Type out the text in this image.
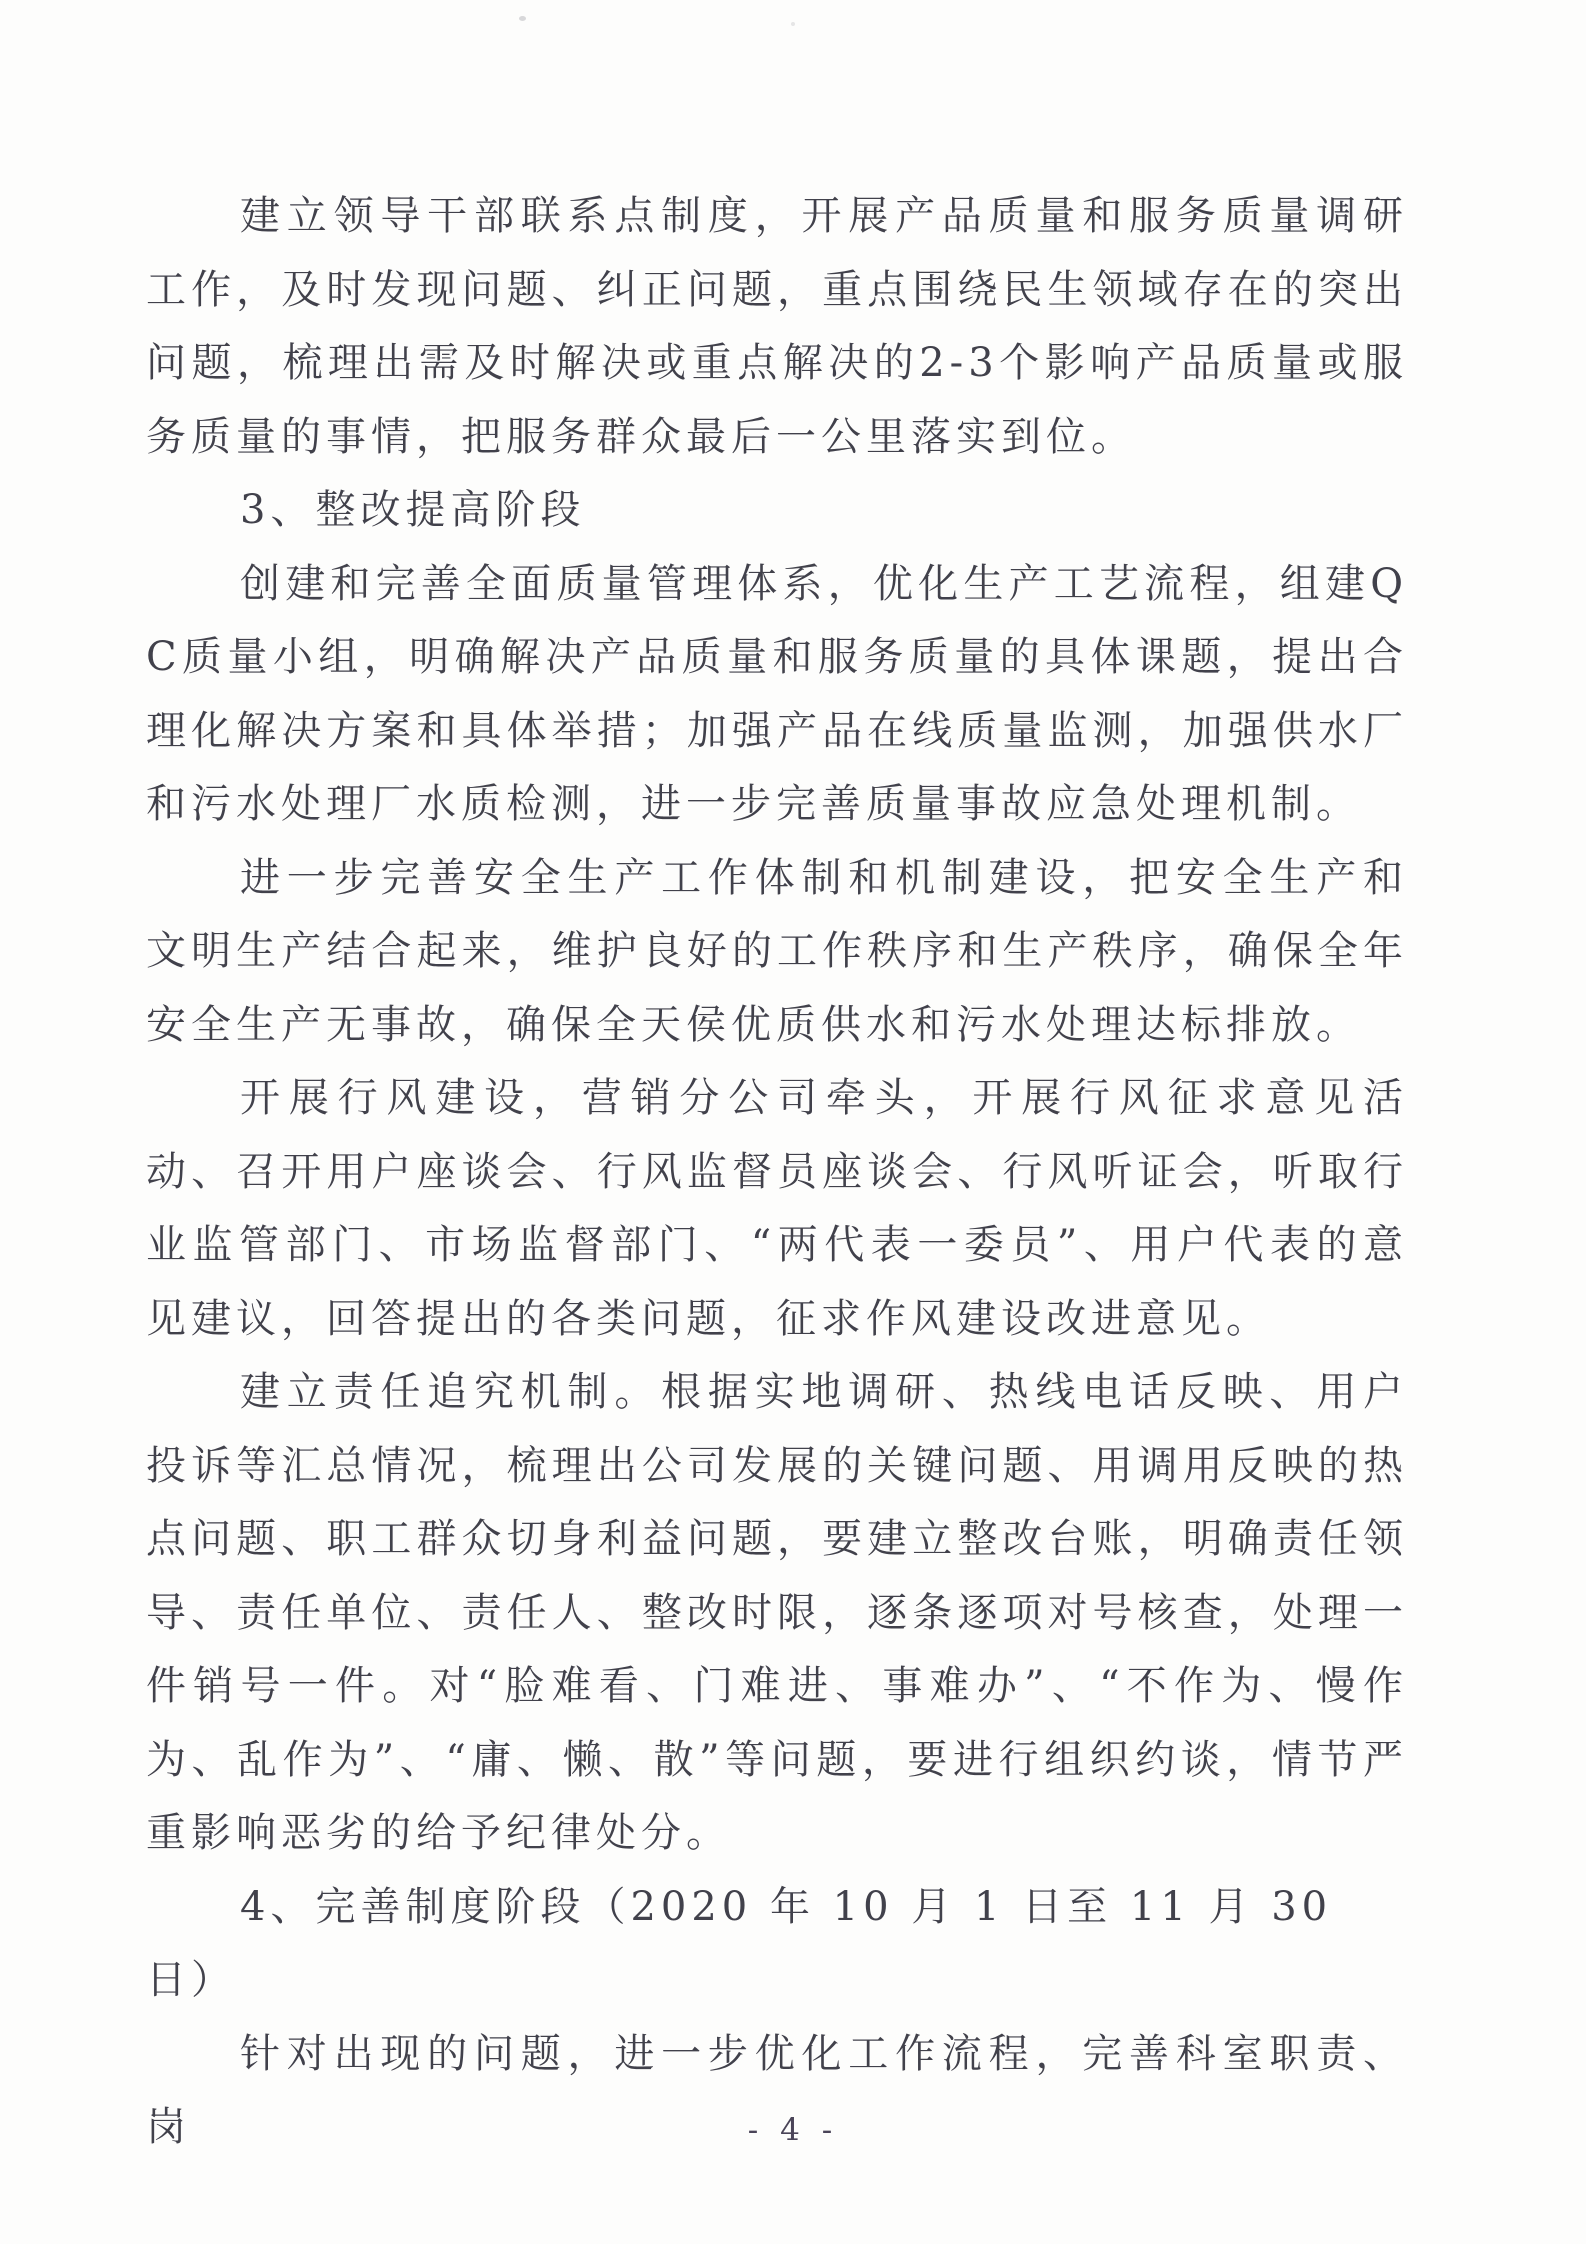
建立领导干部联系点制度，开展产品质量和服务质量调研工作，及时发现问题、纠正问题，重点围绕民生领域存在的突出问题，梳理出需及时解决或重点解决的2-3个影响产品质量或服务质量的事情，把服务群众最后一公里落实到位。

3、整改提高阶段

创建和完善全面质量管理体系，优化生产工艺流程，组建QC质量小组，明确解决产品质量和服务质量的具体课题，提出合理化解决方案和具体举措；加强产品在线质量监测，加强供水厂和污水处理厂水质检测，进一步完善质量事故应急处理机制。

进一步完善安全生产工作体制和机制建设，把安全生产和文明生产结合起来，维护良好的工作秩序和生产秩序，确保全年安全生产无事故，确保全天侯优质供水和污水处理达标排放。

开展行风建设，营销分公司牵头，开展行风征求意见活动、召开用户座谈会、行风监督员座谈会、行风听证会，听取行业监管部门、市场监督部门、“两代表一委员”、用户代表的意见建议，回答提出的各类问题，征求作风建设改进意见。

建立责任追究机制。根据实地调研、热线电话反映、用户投诉等汇总情况，梳理出公司发展的关键问题、用调用反映的热点问题、职工群众切身利益问题，要建立整改台账，明确责任领导、责任单位、责任人、整改时限，逐条逐项对号核查，处理一件销号一件。对“脸难看、门难进、事难办”、“不作为、慢作为、乱作为”、“庸、懒、散”等问题，要进行组织约谈，情节严重影响恶劣的给予纪律处分。

4、完善制度阶段（2020 年 10 月 1 日至 11 月 30 日）

针对出现的问题，进一步优化工作流程，完善科室职责、岗	- 4 -
